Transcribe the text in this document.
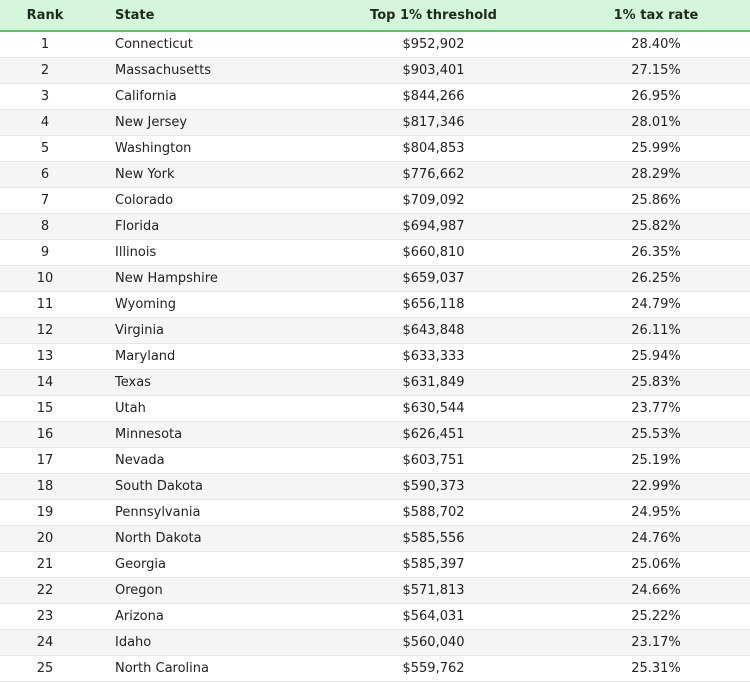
Rank	State	Top 1% threshold	1% tax rate
1	Connecticut	$952,902	28.40%
2	Massachusetts	$903,401	27.15%
3	California	$844,266	26.95%
4	New Jersey	$817,346	28.01%
5	Washington	$804,853	25.99%
6	New York	$776,662	28.29%
7	Colorado	$709,092	25.86%
8	Florida	$694,987	25.82%
9	Illinois	$660,810	26.35%
10	New Hampshire	$659,037	26.25%
11	Wyoming	$656,118	24.79%
12	Virginia	$643,848	26.11%
13	Maryland	$633,333	25.94%
14	Texas	$631,849	25.83%
15	Utah	$630,544	23.77%
16	Minnesota	$626,451	25.53%
17	Nevada	$603,751	25.19%
18	South Dakota	$590,373	22.99%
19	Pennsylvania	$588,702	24.95%
20	North Dakota	$585,556	24.76%
21	Georgia	$585,397	25.06%
22	Oregon	$571,813	24.66%
23	Arizona	$564,031	25.22%
24	Idaho	$560,040	23.17%
25	North Carolina	$559,762	25.31%
